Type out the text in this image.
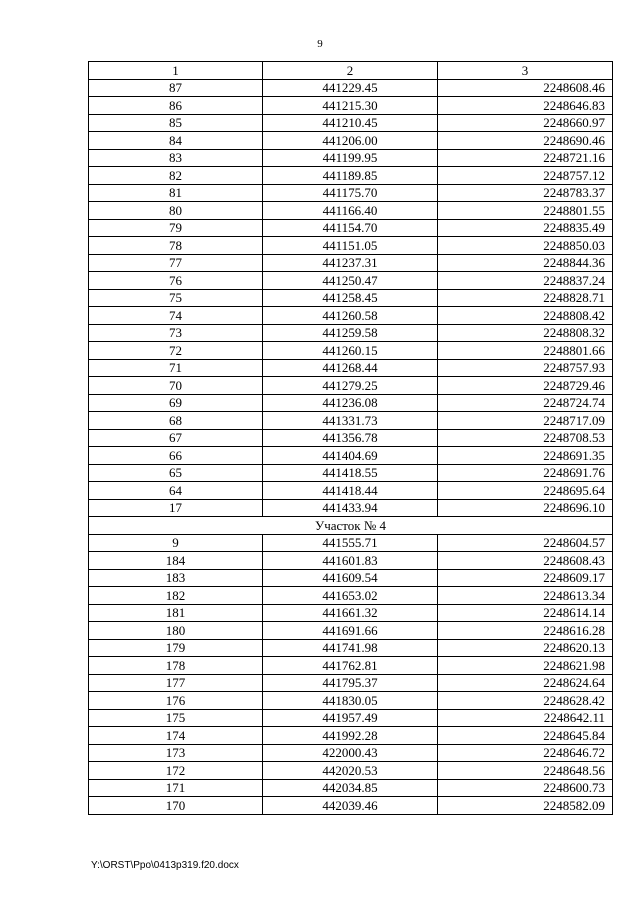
9
1	2	3
87	441229.45	2248608.46
86	441215.30	2248646.83
85	441210.45	2248660.97
84	441206.00	2248690.46
83	441199.95	2248721.16
82	441189.85	2248757.12
81	441175.70	2248783.37
80	441166.40	2248801.55
79	441154.70	2248835.49
78	441151.05	2248850.03
77	441237.31	2248844.36
76	441250.47	2248837.24
75	441258.45	2248828.71
74	441260.58	2248808.42
73	441259.58	2248808.32
72	441260.15	2248801.66
71	441268.44	2248757.93
70	441279.25	2248729.46
69	441236.08	2248724.74
68	441331.73	2248717.09
67	441356.78	2248708.53
66	441404.69	2248691.35
65	441418.55	2248691.76
64	441418.44	2248695.64
17	441433.94	2248696.10
Участок № 4		
9	441555.71	2248604.57
184	441601.83	2248608.43
183	441609.54	2248609.17
182	441653.02	2248613.34
181	441661.32	2248614.14
180	441691.66	2248616.28
179	441741.98	2248620.13
178	441762.81	2248621.98
177	441795.37	2248624.64
176	441830.05	2248628.42
175	441957.49	2248642.11
174	441992.28	2248645.84
173	422000.43	2248646.72
172	442020.53	2248648.56
171	442034.85	2248600.73
170	442039.46	2248582.09
Y:\ORST\Ppo\0413p319.f20.docx
